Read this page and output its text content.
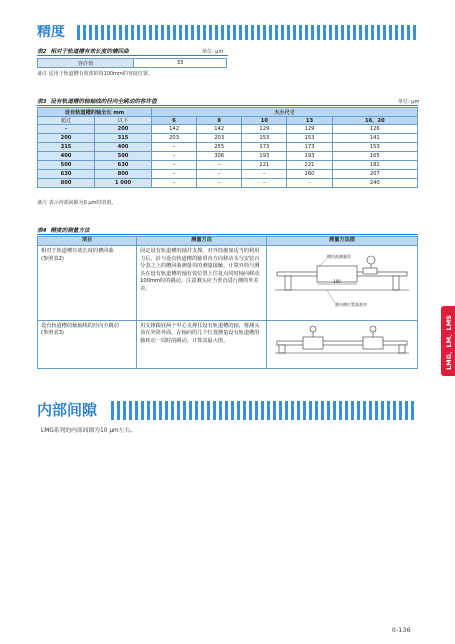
精度
表2 相对于轨道槽有效长度的槽回曲	单位: μm
容许值	33
备注 适用于轨道槽有效部的每100mm的容度位置。
表3 设有轨道槽的轴轴线的径向全跳动的容许值	单位: μm
设有轨道槽的轴全长 mm		大小尺寸				
超过	以下	6	8	10	13	16、20
–	200	142	142	129	129	126
200	315	203	203	153	153	141
315	400	–	255	173	173	153
400	500	–	306	193	193	165
500	630	–	–	221	221	182
630	800	–	–	–	260	207
800	1 000	–	–	–	–	240
备注 表示内部间隙为0 μm时的值。
表4 精度的测量方法
项目	测量方法	测量方法图
相对于轨道槽有效长度的槽回曲
(参照表2)	固定设有轨道槽的轴并支撑。对外筒施加适当的利用力后，沿与设有轨道槽的轴垂直方向移动头与安装百分表之上的槽回曲测量块的测量接触。计算外筒与测头在设有轨道槽的轴有效位置上往复点同时轴向移动100mm时的跳动，注意测头应当垂直进行测的外差差。	100
槽回曲测量块
测头槽位置基准块

设有轨道槽的轴轴线的径向全跳动
(参照表3)	用支撑跟底两个中心支撑住设有轨道槽的轴，将测头顶在外筒外面，在轴向的几个位置测量设有轨道槽的轴转动一周时的跳动，计算其最大值。	
内部间隙
LMG系列的内部间隙为10 μm左右。
LMG、LM、LMS
II-136
